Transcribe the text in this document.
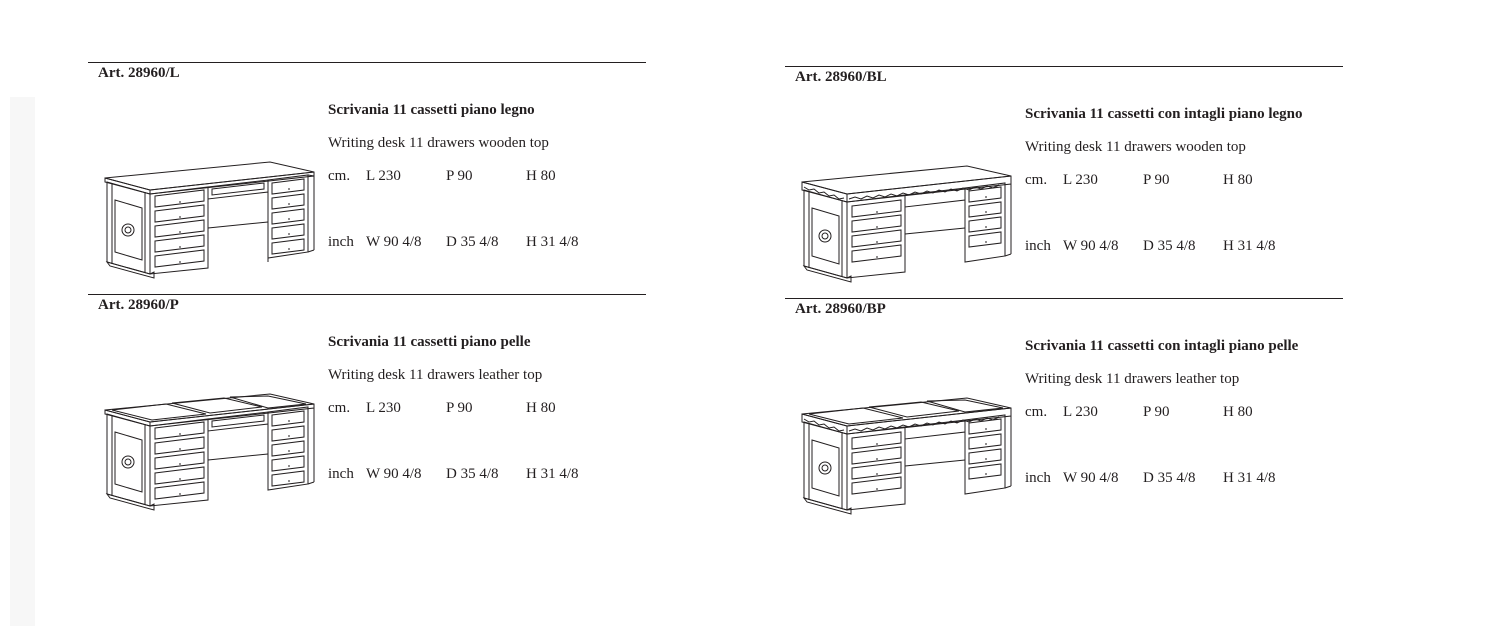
Art. 28960/L
Scrivania 11 cassetti piano legno
Writing desk 11 drawers wooden top
cm. L 230	P 90	H 80
inch W 90 4/8 D 35 4/8 H 31 4/8
Art. 28960/BL
Scrivania 11 cassetti con intagli piano legno
Writing desk 11 drawers wooden top
cm. L 230	P 90	H 80
inch W 90 4/8 D 35 4/8 H 31 4/8
Art. 28960/P
Scrivania 11 cassetti piano pelle
Writing desk 11 drawers leather top
cm. L 230	P 90	H 80
inch W 90 4/8 D 35 4/8 H 31 4/8
Art. 28960/BP
Scrivania 11 cassetti con intagli piano pelle
Writing desk 11 drawers leather top
cm. L 230	P 90	H 80
inch W 90 4/8 D 35 4/8 H 31 4/8
